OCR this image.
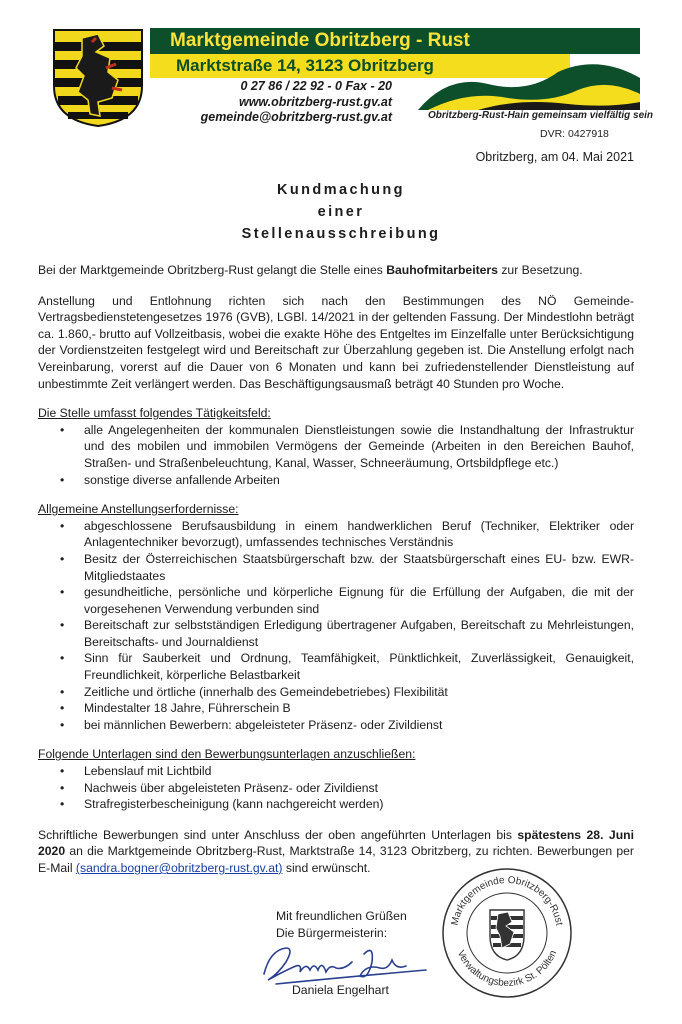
Marktgemeinde Obritzberg - Rust
Marktstraße 14, 3123 Obritzberg
0 27 86 / 22 92 - 0 Fax - 20
www.obritzberg-rust.gv.at
gemeinde@obritzberg-rust.gv.at	Obritzberg-Rust-Hain gemeinsam vielfältig sein
DVR: 0427918
Obritzberg, am 04. Mai 2021
Kundmachung
einer
Stellenausschreibung

Bei der Marktgemeinde Obritzberg-Rust gelangt die Stelle eines Bauhofmitarbeiters zur Besetzung.

Anstellung und Entlohnung richten sich nach den Bestimmungen des NÖ Gemeinde-Vertragsbedienstetengesetzes 1976 (GVB), LGBl. 14/2021 in der geltenden Fassung. Der Mindestlohn beträgt ca. 1.860,- brutto auf Vollzeitbasis, wobei die exakte Höhe des Entgeltes im Einzelfalle unter Berücksichtigung der Vordienstzeiten festgelegt wird und Bereitschaft zur Überzahlung gegeben ist. Die Anstellung erfolgt nach Vereinbarung, vorerst auf die Dauer von 6 Monaten und kann bei zufriedenstellender Dienstleistung auf unbestimmte Zeit verlängert werden. Das Beschäftigungsausmaß beträgt 40 Stunden pro Woche.

Die Stelle umfasst folgendes Tätigkeitsfeld:

• alle Angelegenheiten der kommunalen Dienstleistungen sowie die Instandhaltung der Infrastruktur und des mobilen und immobilen Vermögens der Gemeinde (Arbeiten in den Bereichen Bauhof, Straßen- und Straßenbeleuchtung, Kanal, Wasser, Schneeräumung, Ortsbildpflege etc.)
• sonstige diverse anfallende Arbeiten

Allgemeine Anstellungserfordernisse:

• abgeschlossene Berufsausbildung in einem handwerklichen Beruf (Techniker, Elektriker oder Anlagentechniker bevorzugt), umfassendes technisches Verständnis
• Besitz der Österreichischen Staatsbürgerschaft bzw. der Staatsbürgerschaft eines EU- bzw. EWR-Mitgliedstaates
• gesundheitliche, persönliche und körperliche Eignung für die Erfüllung der Aufgaben, die mit der vorgesehenen Verwendung verbunden sind
• Bereitschaft zur selbstständigen Erledigung übertragener Aufgaben, Bereitschaft zu Mehrleistungen, Bereitschafts- und Journaldienst
• Sinn für Sauberkeit und Ordnung, Teamfähigkeit, Pünktlichkeit, Zuverlässigkeit, Genauigkeit, Freundlichkeit, körperliche Belastbarkeit
• Zeitliche und örtliche (innerhalb des Gemeindebetriebes) Flexibilität
• Mindestalter 18 Jahre, Führerschein B
• bei männlichen Bewerbern: abgeleisteter Präsenz- oder Zivildienst

Folgende Unterlagen sind den Bewerbungsunterlagen anzuschließen:

• Lebenslauf mit Lichtbild
• Nachweis über abgeleisteten Präsenz- oder Zivildienst
• Strafregisterbescheinigung (kann nachgereicht werden)

Schriftliche Bewerbungen sind unter Anschluss der oben angeführten Unterlagen bis spätestens 28. Juni 2020 an die Marktgemeinde Obritzberg-Rust, Marktstraße 14, 3123 Obritzberg, zu richten. Bewerbungen per E-Mail (sandra.bogner@obritzberg-rust.gv.at) sind erwünscht.

Mit freundlichen Grüßen
Die Bürgermeisterin:
Daniela Engelhart
Marktgemeinde Obritzberg-Rust
Verwaltungsbezirk St. Pölten
